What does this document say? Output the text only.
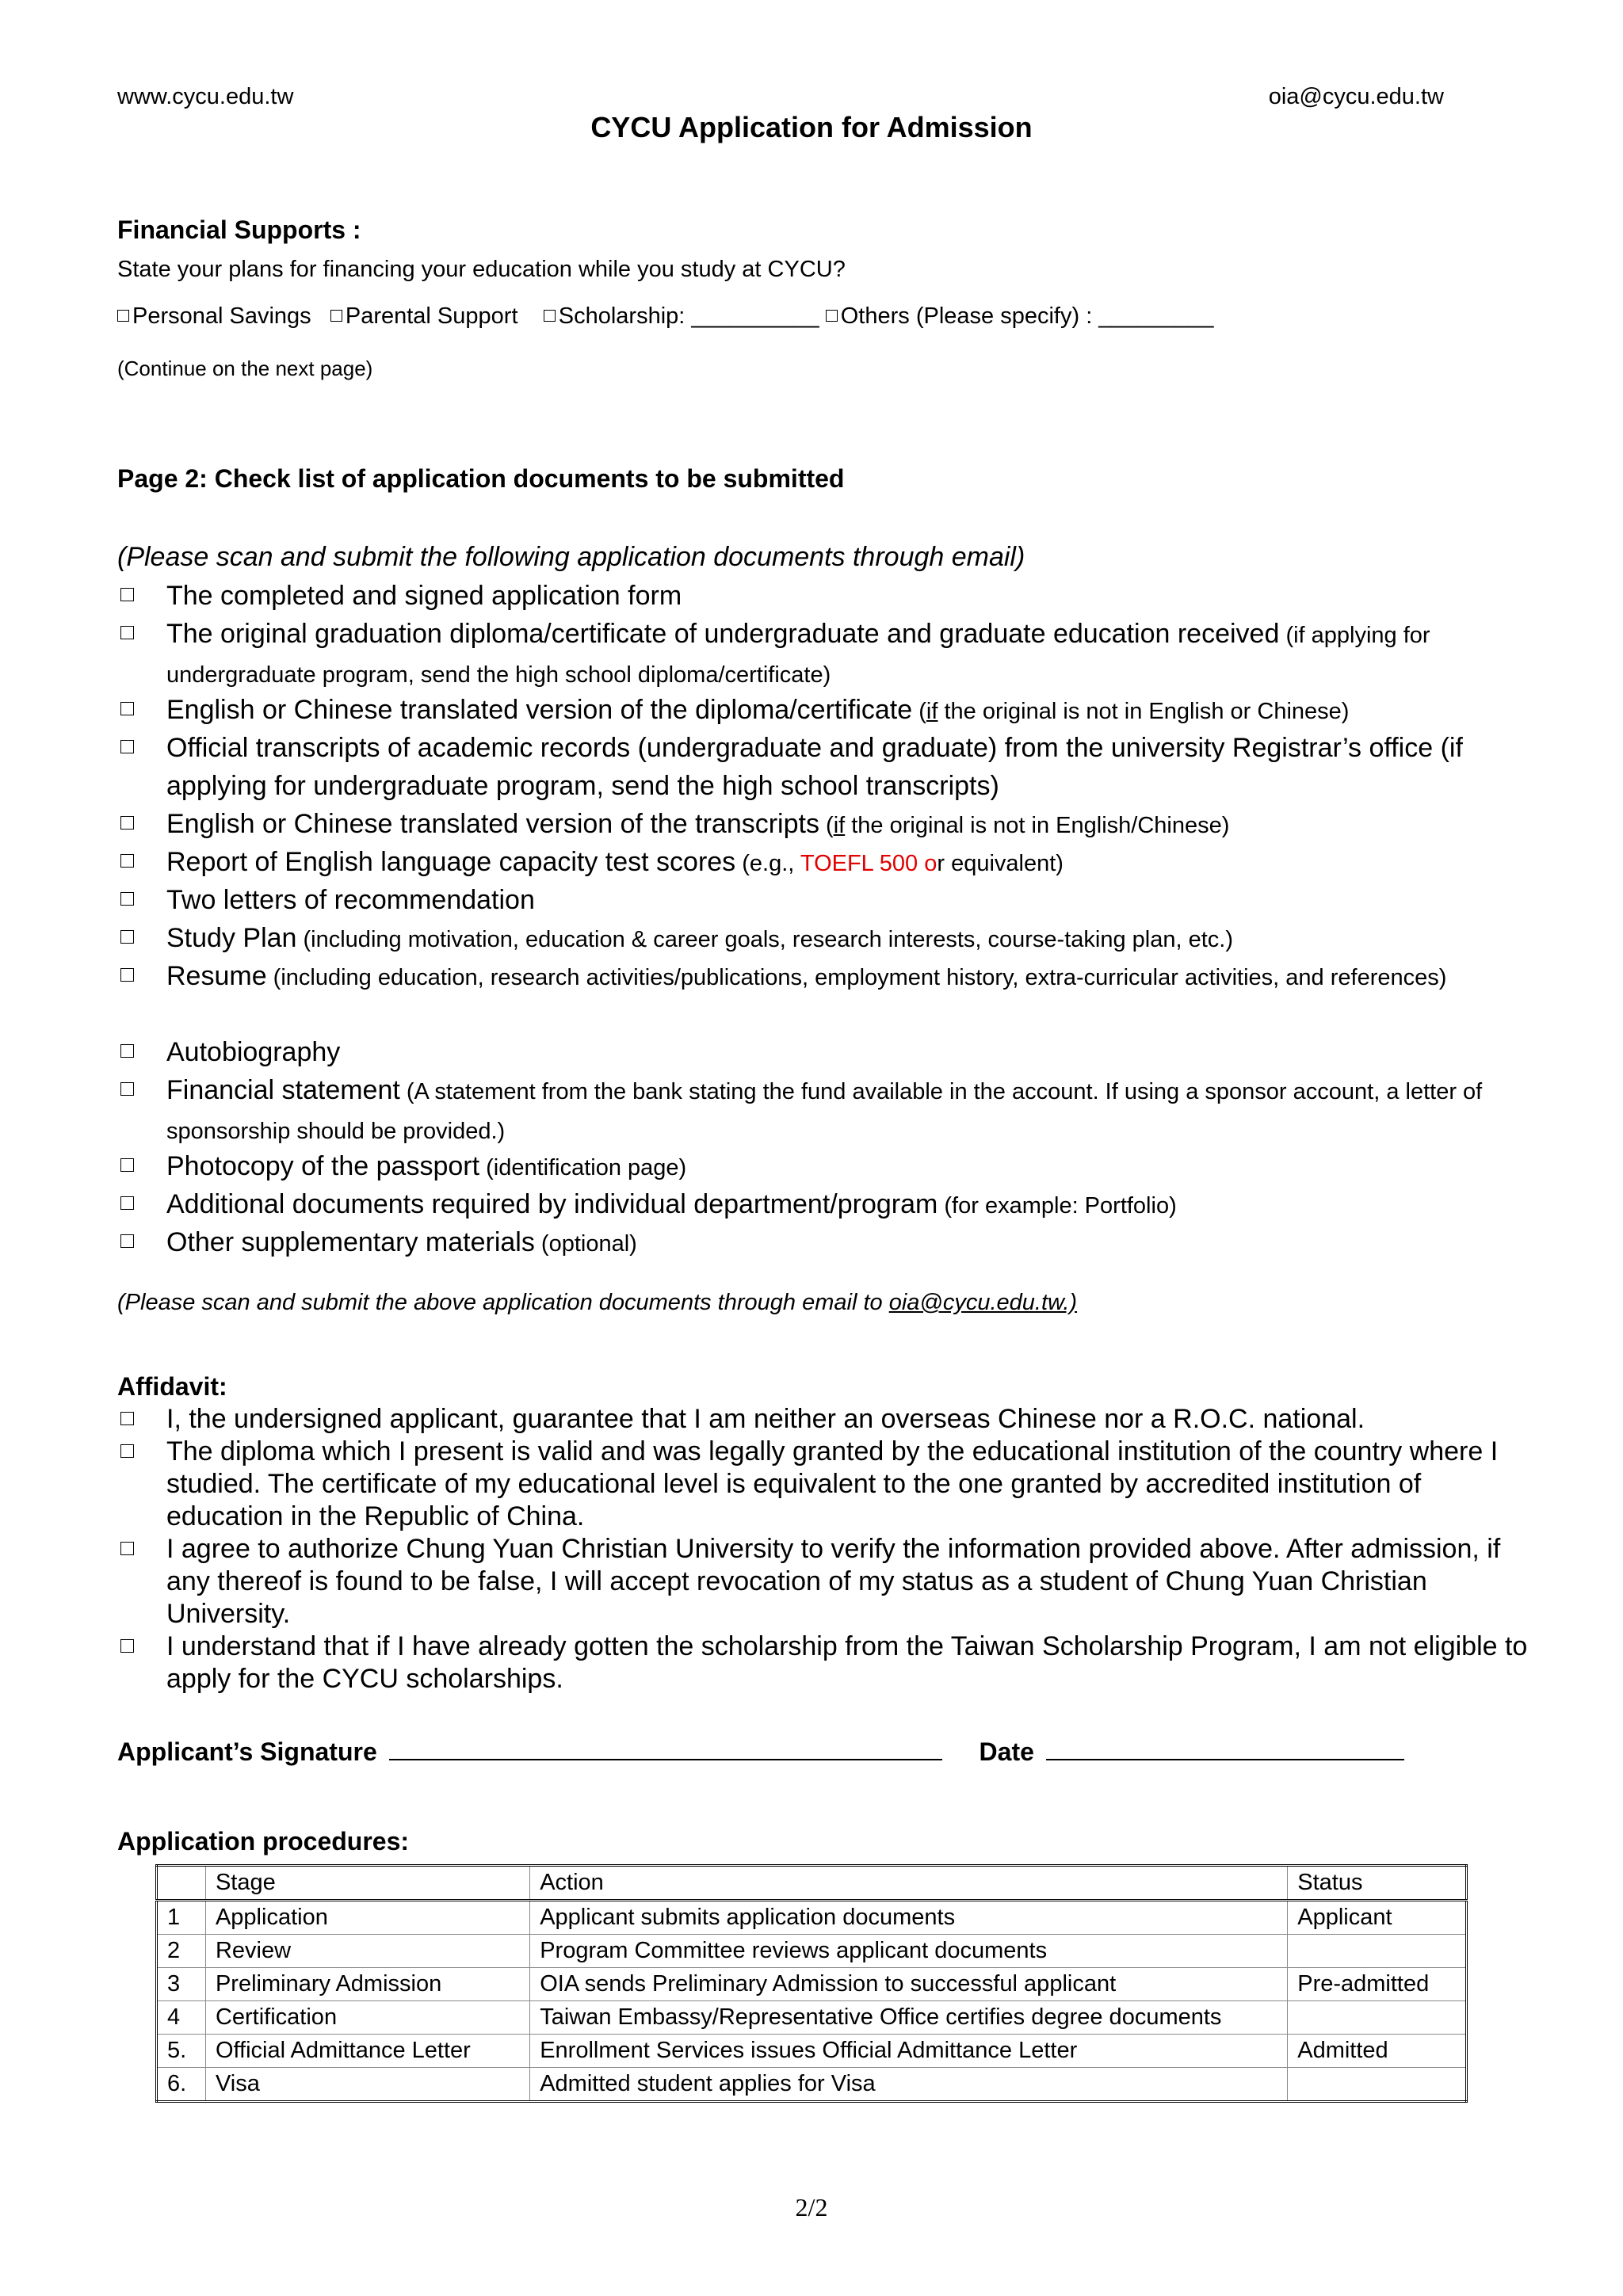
www.cycu.edu.tw	oia@cycu.edu.tw
CYCU Application for Admission
Financial Supports :
State your plans for financing your education while you study at CYCU?
Personal Savings Parental Support Scholarship: __________ Others (Please specify) : _________
(Continue on the next page)
Page 2: Check list of application documents to be submitted
(Please scan and submit the following application documents through email)
The completed and signed application form
The original graduation diploma/certificate of undergraduate and graduate education received (if applying for undergraduate program, send the high school diploma/certificate)
English or Chinese translated version of the diploma/certificate (if the original is not in English or Chinese)
Official transcripts of academic records (undergraduate and graduate) from the university Registrar’s office (if applying for undergraduate program, send the high school transcripts)
English or Chinese translated version of the transcripts (if the original is not in English/Chinese)
Report of English language capacity test scores (e.g., TOEFL 500 or equivalent)
Two letters of recommendation
Study Plan (including motivation, education & career goals, research interests, course-taking plan, etc.)
Resume (including education, research activities/publications, employment history, extra-curricular activities, and references)
Autobiography
Financial statement (A statement from the bank stating the fund available in the account. If using a sponsor account, a letter of sponsorship should be provided.)
Photocopy of the passport (identification page)
Additional documents required by individual department/program (for example: Portfolio)
Other supplementary materials (optional)
(Please scan and submit the above application documents through email to oia@cycu.edu.tw.)
Affidavit:
I, the undersigned applicant, guarantee that I am neither an overseas Chinese nor a R.O.C. national.
The diploma which I present is valid and was legally granted by the educational institution of the country where I studied. The certificate of my educational level is equivalent to the one granted by accredited institution of education in the Republic of China.
I agree to authorize Chung Yuan Christian University to verify the information provided above. After admission, if any thereof is found to be false, I will accept revocation of my status as a student of Chung Yuan Christian University.
I understand that if I have already gotten the scholarship from the Taiwan Scholarship Program, I am not eligible to apply for the CYCU scholarships.
Applicant’s Signature	Date
Application procedures:
	Stage	Action	Status
1	Application	Applicant submits application documents	Applicant
2	Review	Program Committee reviews applicant documents	
3	Preliminary Admission	OIA sends Preliminary Admission to successful applicant	Pre-admitted
4	Certification	Taiwan Embassy/Representative Office certifies degree documents	
5.	Official Admittance Letter	Enrollment Services issues Official Admittance Letter	Admitted
6.	Visa	Admitted student applies for Visa	
2/2
